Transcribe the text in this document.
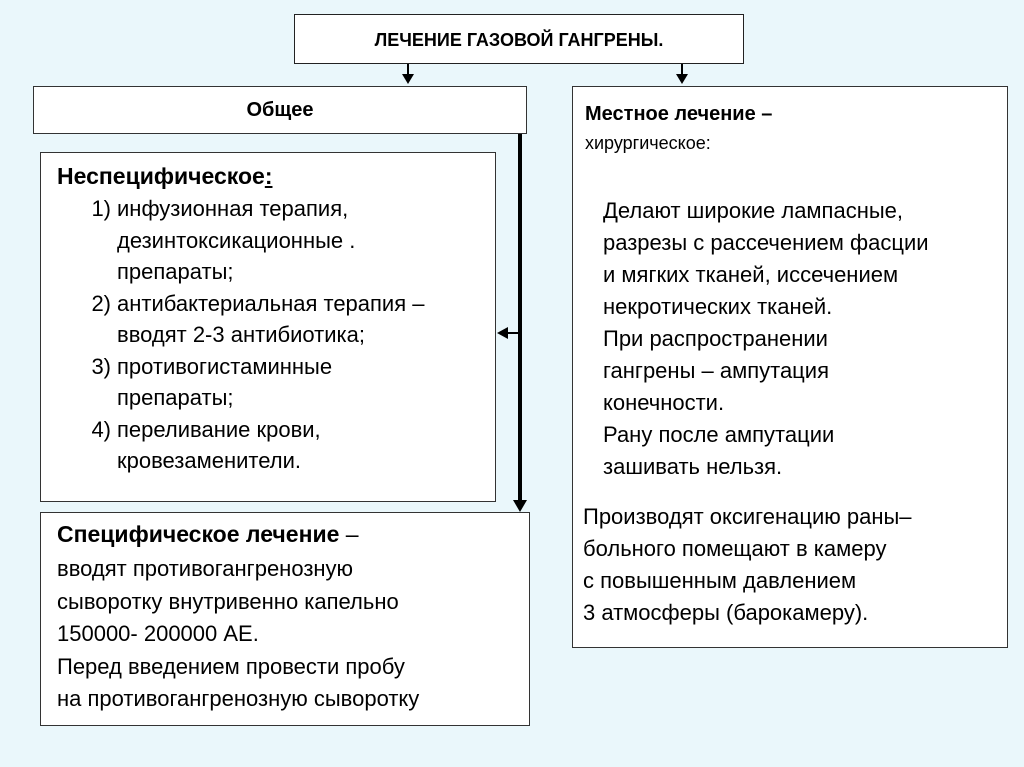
ЛЕЧЕНИЕ ГАЗОВОЙ ГАНГРЕНЫ.
Общее
Неспецифическое:
1) инфузионная терапия,
дезинтоксикационные .
препараты;
2) антибактериальная терапия –
вводят 2-3 антибиотика;
3) противогистаминные
препараты;
4) переливание крови,
кровезаменители.
Специфическое лечение –
вводят противогангренозную
сыворотку внутривенно капельно
150000- 200000 АЕ.
Перед введением провести пробу
на противогангренозную сыворотку
Местное лечение –
хирургическое:
Делают широкие лампасные,
разрезы с рассечением фасции
и мягких тканей, иссечением
некротических тканей.
При распространении
гангрены – ампутация
конечности.
Рану после ампутации
зашивать нельзя.
Производят оксигенацию раны–
больного помещают в камеру
с повышенным давлением
3 атмосферы (барокамеру).
